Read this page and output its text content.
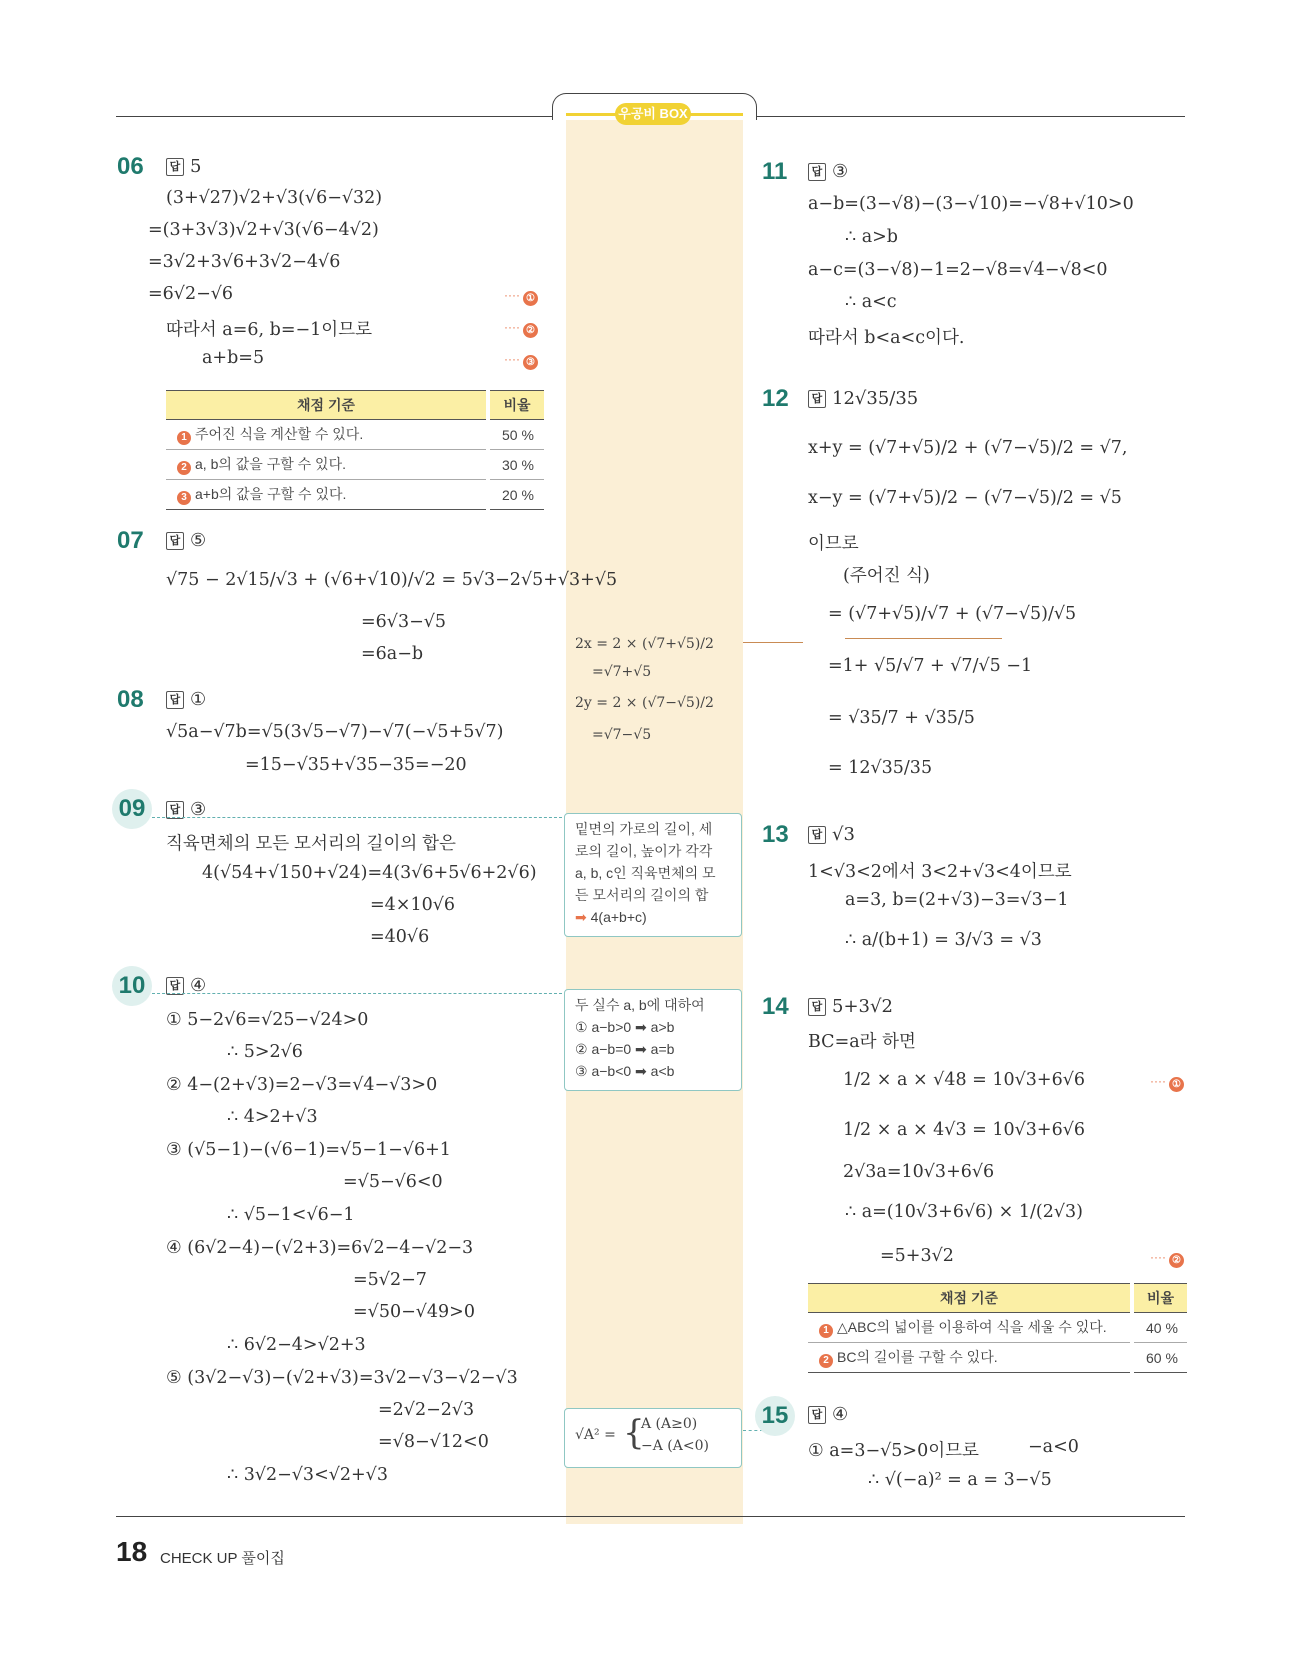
우공비 BOX
06	답 5
(3+√27)√2+√3(√6−√32)
=(3+3√3)√2+√3(√6−4√2)
=3√2+3√6+3√2−4√6
=6√2−√6
따라서 a=6, b=−1이므로
a+b=5
···· ①
···· ②
···· ③
채점 기준	비율
1 주어진 식을 계산할 수 있다.	50 %
2 a, b의 값을 구할 수 있다.	30 %
3 a+b의 값을 구할 수 있다.	20 %
07	답 ⑤
√75 − 2√15/√3 + (√6+√10)/√2 = 5√3−2√5+√3+√5
=6√3−√5
=6a−b
08	답 ①
√5a−√7b=√5(3√5−√7)−√7(−√5+5√7)
=15−√35+√35−35=−20
09	답 ③
직육면체의 모든 모서리의 길이의 합은
4(√54+√150+√24)=4(3√6+5√6+2√6)
=4×10√6
=40√6
10	답 ④
① 5−2√6=√25−√24>0
∴ 5>2√6
② 4−(2+√3)=2−√3=√4−√3>0
∴ 4>2+√3
③ (√5−1)−(√6−1)=√5−1−√6+1
=√5−√6<0
∴ √5−1<√6−1
④ (6√2−4)−(√2+3)=6√2−4−√2−3
=5√2−7
=√50−√49>0
∴ 6√2−4>√2+3
⑤ (3√2−√3)−(√2+√3)=3√2−√3−√2−√3
=2√2−2√3
=√8−√12<0
∴ 3√2−√3<√2+√3
2x = 2 × (√7+√5)/2
=√7+√5
2y = 2 × (√7−√5)/2
=√7−√5
밑면의 가로의 길이, 세
로의 길이, 높이가 각각
a, b, c인 직육면체의 모
든 모서리의 길이의 합
➡ 4(a+b+c)
두 실수 a, b에 대하여
① a−b>0 ➡ a>b
② a−b=0 ➡ a=b
③ a−b<0 ➡ a<b
√A² = {
A (A≥0)
−A (A<0)
11	답 ③
a−b=(3−√8)−(3−√10)=−√8+√10>0
∴ a>b
a−c=(3−√8)−1=2−√8=√4−√8<0
∴ a<c
따라서 b<a<c이다.
12	답 12√35/35
x+y = (√7+√5)/2 + (√7−√5)/2 = √7,
x−y = (√7+√5)/2 − (√7−√5)/2 = √5
이므로
(주어진 식)
= (√7+√5)/√7 + (√7−√5)/√5
=1+ √5/√7 + √7/√5 −1
= √35/7 + √35/5
= 12√35/35
13	답 √3
1<√3<2에서 3<2+√3<4이므로
a=3, b=(2+√3)−3=√3−1
∴ a/(b+1) = 3/√3 = √3
14	답 5+3√2
BC=a라 하면
1/2 × a × √48 = 10√3+6√6
1/2 × a × 4√3 = 10√3+6√6
2√3a=10√3+6√6
∴ a=(10√3+6√6) × 1/(2√3)
=5+3√2
···· ①
···· ②
채점 기준	비율
1 △ABC의 넓이를 이용하여 식을 세울 수 있다.	40 %
2 BC의 길이를 구할 수 있다.	60 %
15	답 ④
① a=3−√5>0이므로	−a<0
∴ √(−a)² = a = 3−√5
18 CHECK UP 풀이집
